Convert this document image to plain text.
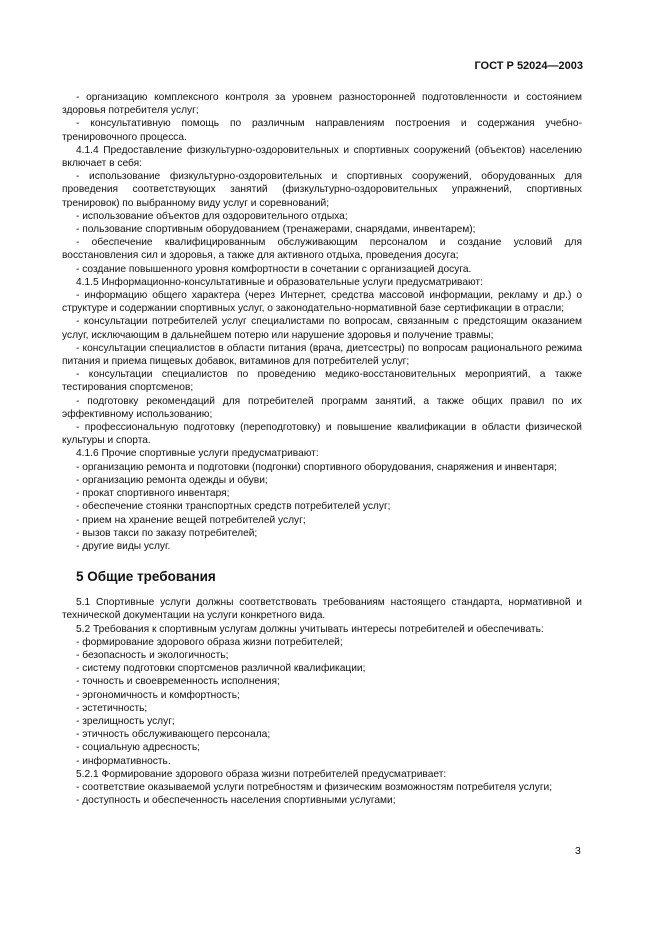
ГОСТ Р 52024—2003

- организацию комплексного контроля за уровнем разносторонней подготовленности и состоянием здоровья потребителя услуг;

- консультативную помощь по различным направлениям построения и содержания учебно-тренировочного процесса.

4.1.4 Предоставление физкультурно-оздоровительных и спортивных сооружений (объектов) населению включает в себя:

- использование физкультурно-оздоровительных и спортивных сооружений, оборудованных для проведения соответствующих занятий (физкультурно-оздоровительных упражнений, спортивных тренировок) по выбранному виду услуг и соревнований;

- использование объектов для оздоровительного отдыха;

- пользование спортивным оборудованием (тренажерами, снарядами, инвентарем);

- обеспечение квалифицированным обслуживающим персоналом и создание условий для восстановления сил и здоровья, а также для активного отдыха, проведения досуга;

- создание повышенного уровня комфортности в сочетании с организацией досуга.

4.1.5 Информационно-консультативные и образовательные услуги предусматривают:

- информацию общего характера (через Интернет, средства массовой информации, рекламу и др.) о структуре и содержании спортивных услуг, о законодательно-нормативной базе сертификации в отрасли;

- консультации потребителей услуг специалистами по вопросам, связанным с предстоящим оказанием услуг, исключающим в дальнейшем потерю или нарушение здоровья и получение травмы;

- консультации специалистов в области питания (врача, диетсестры) по вопросам рационального режима питания и приема пищевых добавок, витаминов для потребителей услуг;

- консультации специалистов по проведению медико-восстановительных мероприятий, а также тестирования спортсменов;

- подготовку рекомендаций для потребителей программ занятий, а также общих правил по их эффективному использованию;

- профессиональную подготовку (переподготовку) и повышение квалификации в области физической культуры и спорта.

4.1.6 Прочие спортивные услуги предусматривают:

- организацию ремонта и подготовки (подгонки) спортивного оборудования, снаряжения и инвентаря;

- организацию ремонта одежды и обуви;

- прокат спортивного инвентаря;

- обеспечение стоянки транспортных средств потребителей услуг;

- прием на хранение вещей потребителей услуг;

- вызов такси по заказу потребителей;

- другие виды услуг.

5 Общие требования

5.1 Спортивные услуги должны соответствовать требованиям настоящего стандарта, нормативной и технической документации на услуги конкретного вида.

5.2 Требования к спортивным услугам должны учитывать интересы потребителей и обеспечивать:

- формирование здорового образа жизни потребителей;

- безопасность и экологичность;

- систему подготовки спортсменов различной квалификации;

- точность и своевременность исполнения;

- эргономичность и комфортность;

- эстетичность;

- зрелищность услуг;

- этичность обслуживающего персонала;

- социальную адресность;

- информативность.

5.2.1 Формирование здорового образа жизни потребителей предусматривает:

- соответствие оказываемой услуги потребностям и физическим возможностям потребителя услуги;

- доступность и обеспеченность населения спортивными услугами;

3
